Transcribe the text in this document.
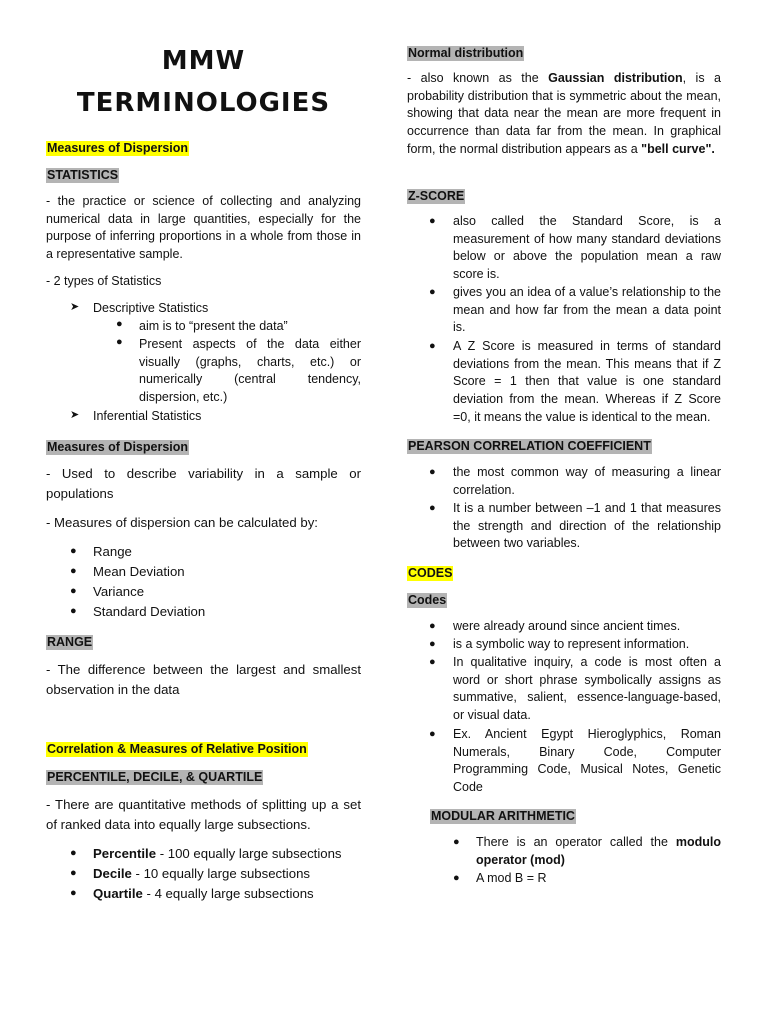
MMW
TERMINOLOGIES
Measures of Dispersion
STATISTICS

- the practice or science of collecting and analyzing numerical data in large quantities, especially for the purpose of inferring proportions in a whole from those in a representative sample.

- 2 types of Statistics

➤ Descriptive Statistics
● aim is to “present the data”
● Present aspects of the data either visually (graphs, charts, etc.) or numerically (central tendency, dispersion, etc.)

➤ Inferential Statistics
Measures of Dispersion

- Used to describe variability in a sample or populations

- Measures of dispersion can be calculated by:

● Range
● Mean Deviation
● Variance
● Standard Deviation
RANGE

- The difference between the largest and smallest observation in the data

Correlation & Measures of Relative Position
PERCENTILE, DECILE, & QUARTILE

- There are quantitative methods of splitting up a set of ranked data into equally large subsections.

● Percentile - 100 equally large subsections
● Decile - 10 equally large subsections
● Quartile - 4 equally large subsections
Normal distribution

- also known as the Gaussian distribution, is a probability distribution that is symmetric about the mean, showing that data near the mean are more frequent in occurrence than data far from the mean. In graphical form, the normal distribution appears as a "bell curve".

Z-SCORE
● also called the Standard Score, is a measurement of how many standard deviations below or above the population mean a raw score is.

● gives you an idea of a value’s relationship to the mean and how far from the mean a data point is.

● A Z Score is measured in terms of standard deviations from the mean. This means that if Z Score = 1 then that value is one standard deviation from the mean. Whereas if Z Score =0, it means the value is identical to the mean.

PEARSON CORRELATION COEFFICIENT
● the most common way of measuring a linear correlation.

● It is a number between –1 and 1 that measures the strength and direction of the relationship between two variables.

CODES
Codes
● were already around since ancient times.

● is a symbolic way to represent information.

● In qualitative inquiry, a code is most often a word or short phrase symbolically assigns as summative, salient, essence-language-based, or visual data.

● Ex. Ancient Egypt Hieroglyphics, Roman Numerals, Binary Code, Computer Programming Code, Musical Notes, Genetic Code

MODULAR ARITHMETIC
● There is an operator called the modulo operator (mod)

● A mod B = R
